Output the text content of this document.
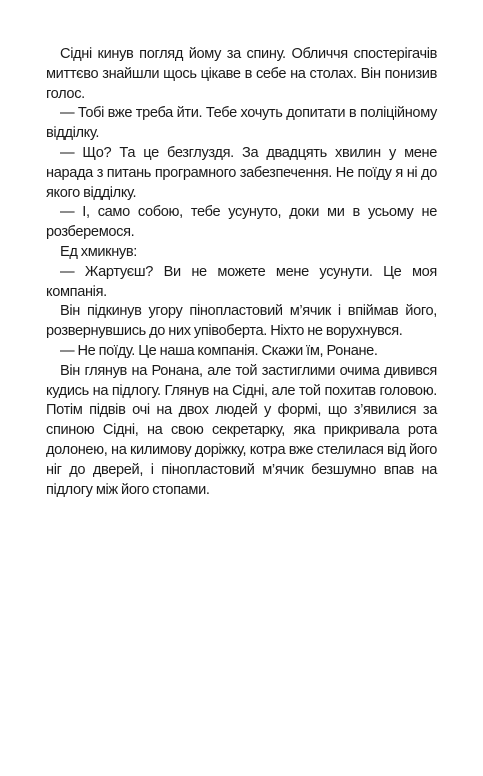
Сідні кинув погляд йому за спину. Обличчя спостерігачів миттєво знайшли щось цікаве в себе на столах. Він понизив голос.

— Тобі вже треба йти. Тебе хочуть допитати в поліційному відділку.

— Що? Та це безглуздя. За двадцять хвилин у мене нарада з питань програмного забезпечення. Не поїду я ні до якого відділку.

— І, само собою, тебе усунуто, доки ми в усьому не розберемося.

Ед хмикнув:

— Жартуєш? Ви не можете мене усунути. Це моя компанія.

Він підкинув угору пінопластовий м’ячик і впіймав його, розвернувшись до них упівоберта. Ніхто не ворухнувся.

— Не поїду. Це наша компанія. Скажи їм, Ронане.

Він глянув на Ронана, але той застиглими очима дивився кудись на підлогу. Глянув на Сідні, але той похитав головою. Потім підвів очі на двох людей у формі, що з’явилися за спиною Сідні, на свою секретарку, яка прикривала рота долонею, на килимову доріжку, котра вже стелилася від його ніг до дверей, і пінопластовий м’ячик безшумно впав на підлогу між його стопами.
